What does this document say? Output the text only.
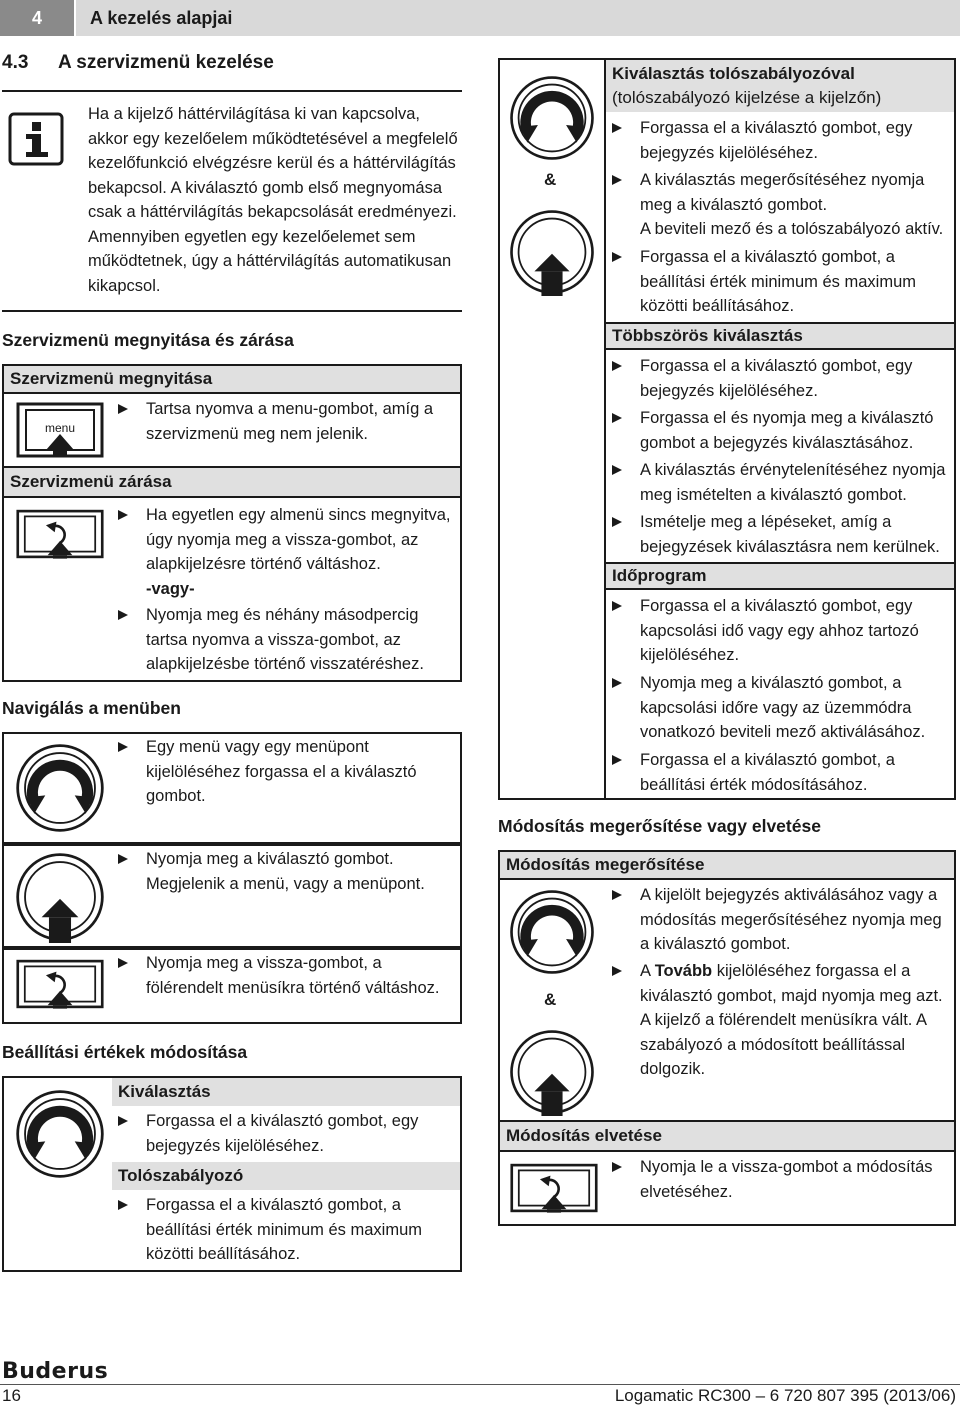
4	A kezelés alapjai
4.3 A szervizmenü kezelése
Ha a kijelző háttérvilágítása ki van kapcsolva, akkor egy kezelőelem működtetésével a megfelelő kezelőfunkció elvégzésre kerül és a háttérvilágítás bekapcsol. A kiválasztó gomb első megnyomása csak a háttérvilágítás bekapcsolását eredményezi. Amennyiben egyetlen egy kezelőelemet sem működtetnek, úgy a háttérvilágítás automatikusan kikapcsol.
Szervizmenü megnyitása és zárása
Szervizmenü megnyitása
menu
Tartsa nyomva a menu-gombot, amíg a szervizmenü meg nem jelenik.
Szervizmenü zárása
Ha egyetlen egy almenü sincs megnyitva, úgy nyomja meg a vissza-gombot, az alapkijelzésre történő váltáshoz.
-vagy-
Nyomja meg és néhány másodpercig tartsa nyomva a vissza-gombot, az alapkijelzésbe történő visszatéréshez.
Navigálás a menüben
Egy menü vagy egy menüpont kijelöléséhez forgassa el a kiválasztó gombot.
Nyomja meg a kiválasztó gombot. Megjelenik a menü, vagy a menüpont.
Nyomja meg a vissza-gombot, a fölérendelt menüsíkra történő váltáshoz.
Beállítási értékek módosítása
Kiválasztás
Forgassa el a kiválasztó gombot, egy bejegyzés kijelöléséhez.
Tolószabályozó
Forgassa el a kiválasztó gombot, a beállítási érték minimum és maximum közötti beállításához.
Kiválasztás tolószabályozóval
(tolószabályozó kijelzése a kijelzőn)
&
Forgassa el a kiválasztó gombot, egy bejegyzés kijelöléséhez.
A kiválasztás megerősítéséhez nyomja meg a kiválasztó gombot.
A beviteli mező és a tolószabályozó aktív.
Forgassa el a kiválasztó gombot, a beállítási érték minimum és maximum közötti beállításához.
Többszörös kiválasztás
Forgassa el a kiválasztó gombot, egy bejegyzés kijelöléséhez.
Forgassa el és nyomja meg a kiválasztó gombot a bejegyzés kiválasztásához.
A kiválasztás érvénytelenítéséhez nyomja meg ismételten a kiválasztó gombot.
Ismételje meg a lépéseket, amíg a bejegyzések kiválasztásra nem kerülnek.
Időprogram
Forgassa el a kiválasztó gombot, egy kapcsolási idő vagy egy ahhoz tartozó kijelöléséhez.
Nyomja meg a kiválasztó gombot, a kapcsolási időre vagy az üzemmódra vonatkozó beviteli mező aktiválásához.
Forgassa el a kiválasztó gombot, a beállítási érték módosításához.
Módosítás megerősítése vagy elvetése
Módosítás megerősítése
&
A kijelölt bejegyzés aktiválásához vagy a módosítás megerősítéséhez nyomja meg a kiválasztó gombot.
A Tovább kijelöléséhez forgassa el a kiválasztó gombot, majd nyomja meg azt. A kijelző a fölérendelt menüsíkra vált. A szabályozó a módosított beállítással dolgozik.
Módosítás elvetése
Nyomja le a vissza-gombot a módosítás elvetéséhez.
Buderus
16	Logamatic RC300 – 6 720 807 395 (2013/06)
